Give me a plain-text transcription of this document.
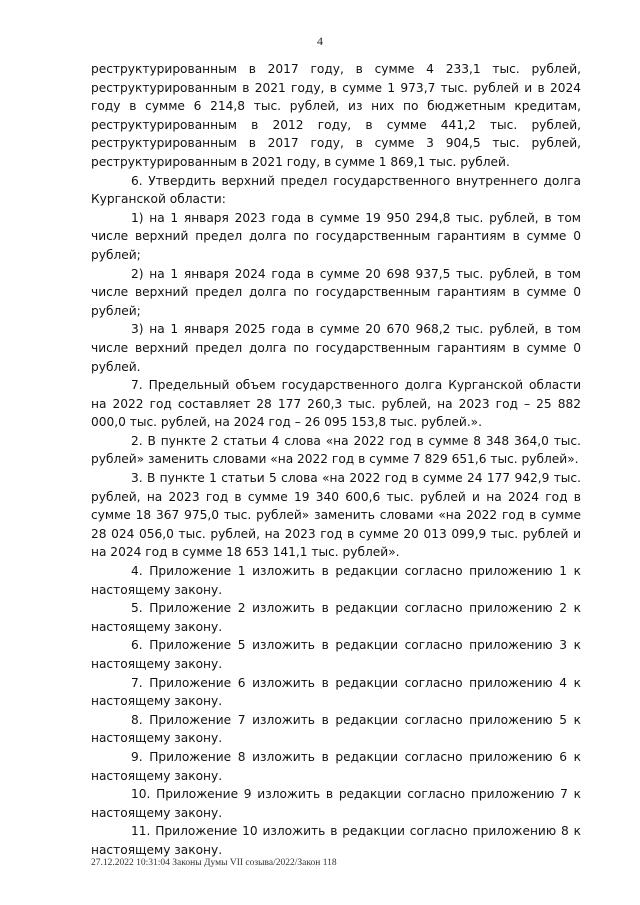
4

реструктурированным в 2017 году, в сумме 4 233,1 тыс. рублей, реструктурированным в 2021 году, в сумме 1 973,7 тыс. рублей и в 2024 году в сумме 6 214,8 тыс. рублей, из них по бюджетным кредитам, реструктурированным в 2012 году, в сумме 441,2 тыс. рублей, реструктурированным в 2017 году, в сумме 3 904,5 тыс. рублей, реструктурированным в 2021 году, в сумме 1 869,1 тыс. рублей.

6. Утвердить верхний предел государственного внутреннего долга Курганской области:

1) на 1 января 2023 года в сумме 19 950 294,8 тыс. рублей, в том числе верхний предел долга по государственным гарантиям в сумме 0 рублей;

2) на 1 января 2024 года в сумме 20 698 937,5 тыс. рублей, в том числе верхний предел долга по государственным гарантиям в сумме 0 рублей;

3) на 1 января 2025 года в сумме 20 670 968,2 тыс. рублей, в том числе верхний предел долга по государственным гарантиям в сумме 0 рублей.

7. Предельный объем государственного долга Курганской области на 2022 год составляет 28 177 260,3 тыс. рублей, на 2023 год – 25 882 000,0 тыс. рублей, на 2024 год – 26 095 153,8 тыс. рублей.».

2. В пункте 2 статьи 4 слова «на 2022 год в сумме 8 348 364,0 тыс. рублей» заменить словами «на 2022 год в сумме 7 829 651,6 тыс. рублей».

3. В пункте 1 статьи 5 слова «на 2022 год в сумме 24 177 942,9 тыс. рублей, на 2023 год в сумме 19 340 600,6 тыс. рублей и на 2024 год в сумме 18 367 975,0 тыс. рублей» заменить словами «на 2022 год в сумме 28 024 056,0 тыс. рублей, на 2023 год в сумме 20 013 099,9 тыс. рублей и на 2024 год в сумме 18 653 141,1 тыс. рублей».

4. Приложение 1 изложить в редакции согласно приложению 1 к настоящему закону.

5. Приложение 2 изложить в редакции согласно приложению 2 к настоящему закону.

6. Приложение 5 изложить в редакции согласно приложению 3 к настоящему закону.

7. Приложение 6 изложить в редакции согласно приложению 4 к настоящему закону.

8. Приложение 7 изложить в редакции согласно приложению 5 к настоящему закону.

9. Приложение 8 изложить в редакции согласно приложению 6 к настоящему закону.

10. Приложение 9 изложить в редакции согласно приложению 7 к настоящему закону.

11. Приложение 10 изложить в редакции согласно приложению 8 к настоящему закону.

27.12.2022 10:31:04 Законы Думы VII созыва/2022/Закон 118
